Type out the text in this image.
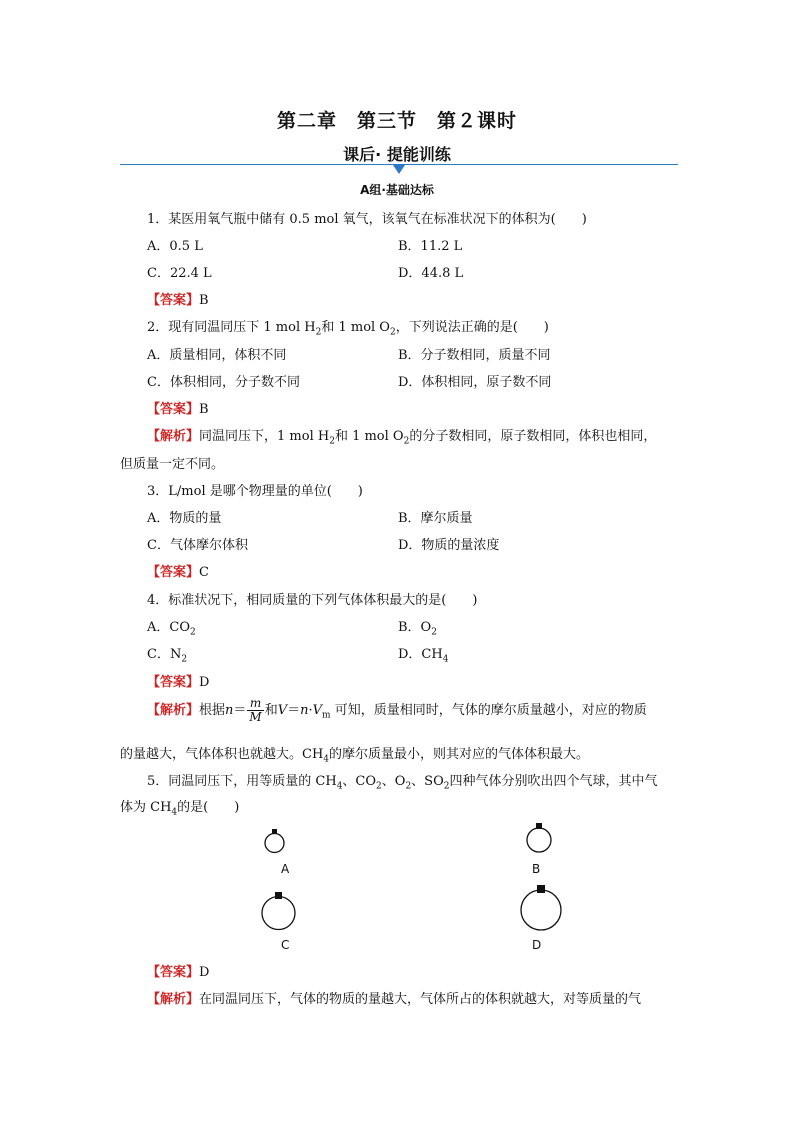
第二章　第三节　第２课时
课后· 提能训练
A组·基础达标
1．某医用氧气瓶中储有 0.5 mol 氧气，该氧气在标准状况下的体积为(　　)
A．0.5 L	B．11.2 L
C．22.4 L	D．44.8 L
【答案】B
2．现有同温同压下 1 mol $H_2$和 1 mol $O_2$，下列说法正确的是(　　)
A．质量相同，体积不同	B．分子数相同，质量不同
C．体积相同，分子数不同	D．体积相同，原子数不同
【答案】B
【解析】同温同压下，1 mol $H_2$和 1 mol $O_2$的分子数相同，原子数相同，体积也相同，
但质量一定不同。
3．L/mol 是哪个物理量的单位(　　)
A．物质的量	B．摩尔质量
C．气体摩尔体积	D．物质的量浓度
【答案】C
4．标准状况下，相同质量的下列气体体积最大的是(　　)
A．$CO_2$	B．$O_2$
C．$N_2$	D．$CH_4$
【答案】D
【解析】根据$n= \frac{m}{M}$ 和$V=n\cdot V_m$ 可知，质量相同时，气体的摩尔质量越小，对应的物质
的量越大，气体体积也就越大。$CH_4$的摩尔质量最小，则其对应的气体体积最大。
5．同温同压下，用等质量的 $CH_4$、$CO_2$、$O_2$、$SO_2$四种气体分别吹出四个气球，其中气
体为 $CH_4$的是(　　)
A	B
C	D
【答案】D
【解析】在同温同压下，气体的物质的量越大，气体所占的体积就越大，对等质量的气
